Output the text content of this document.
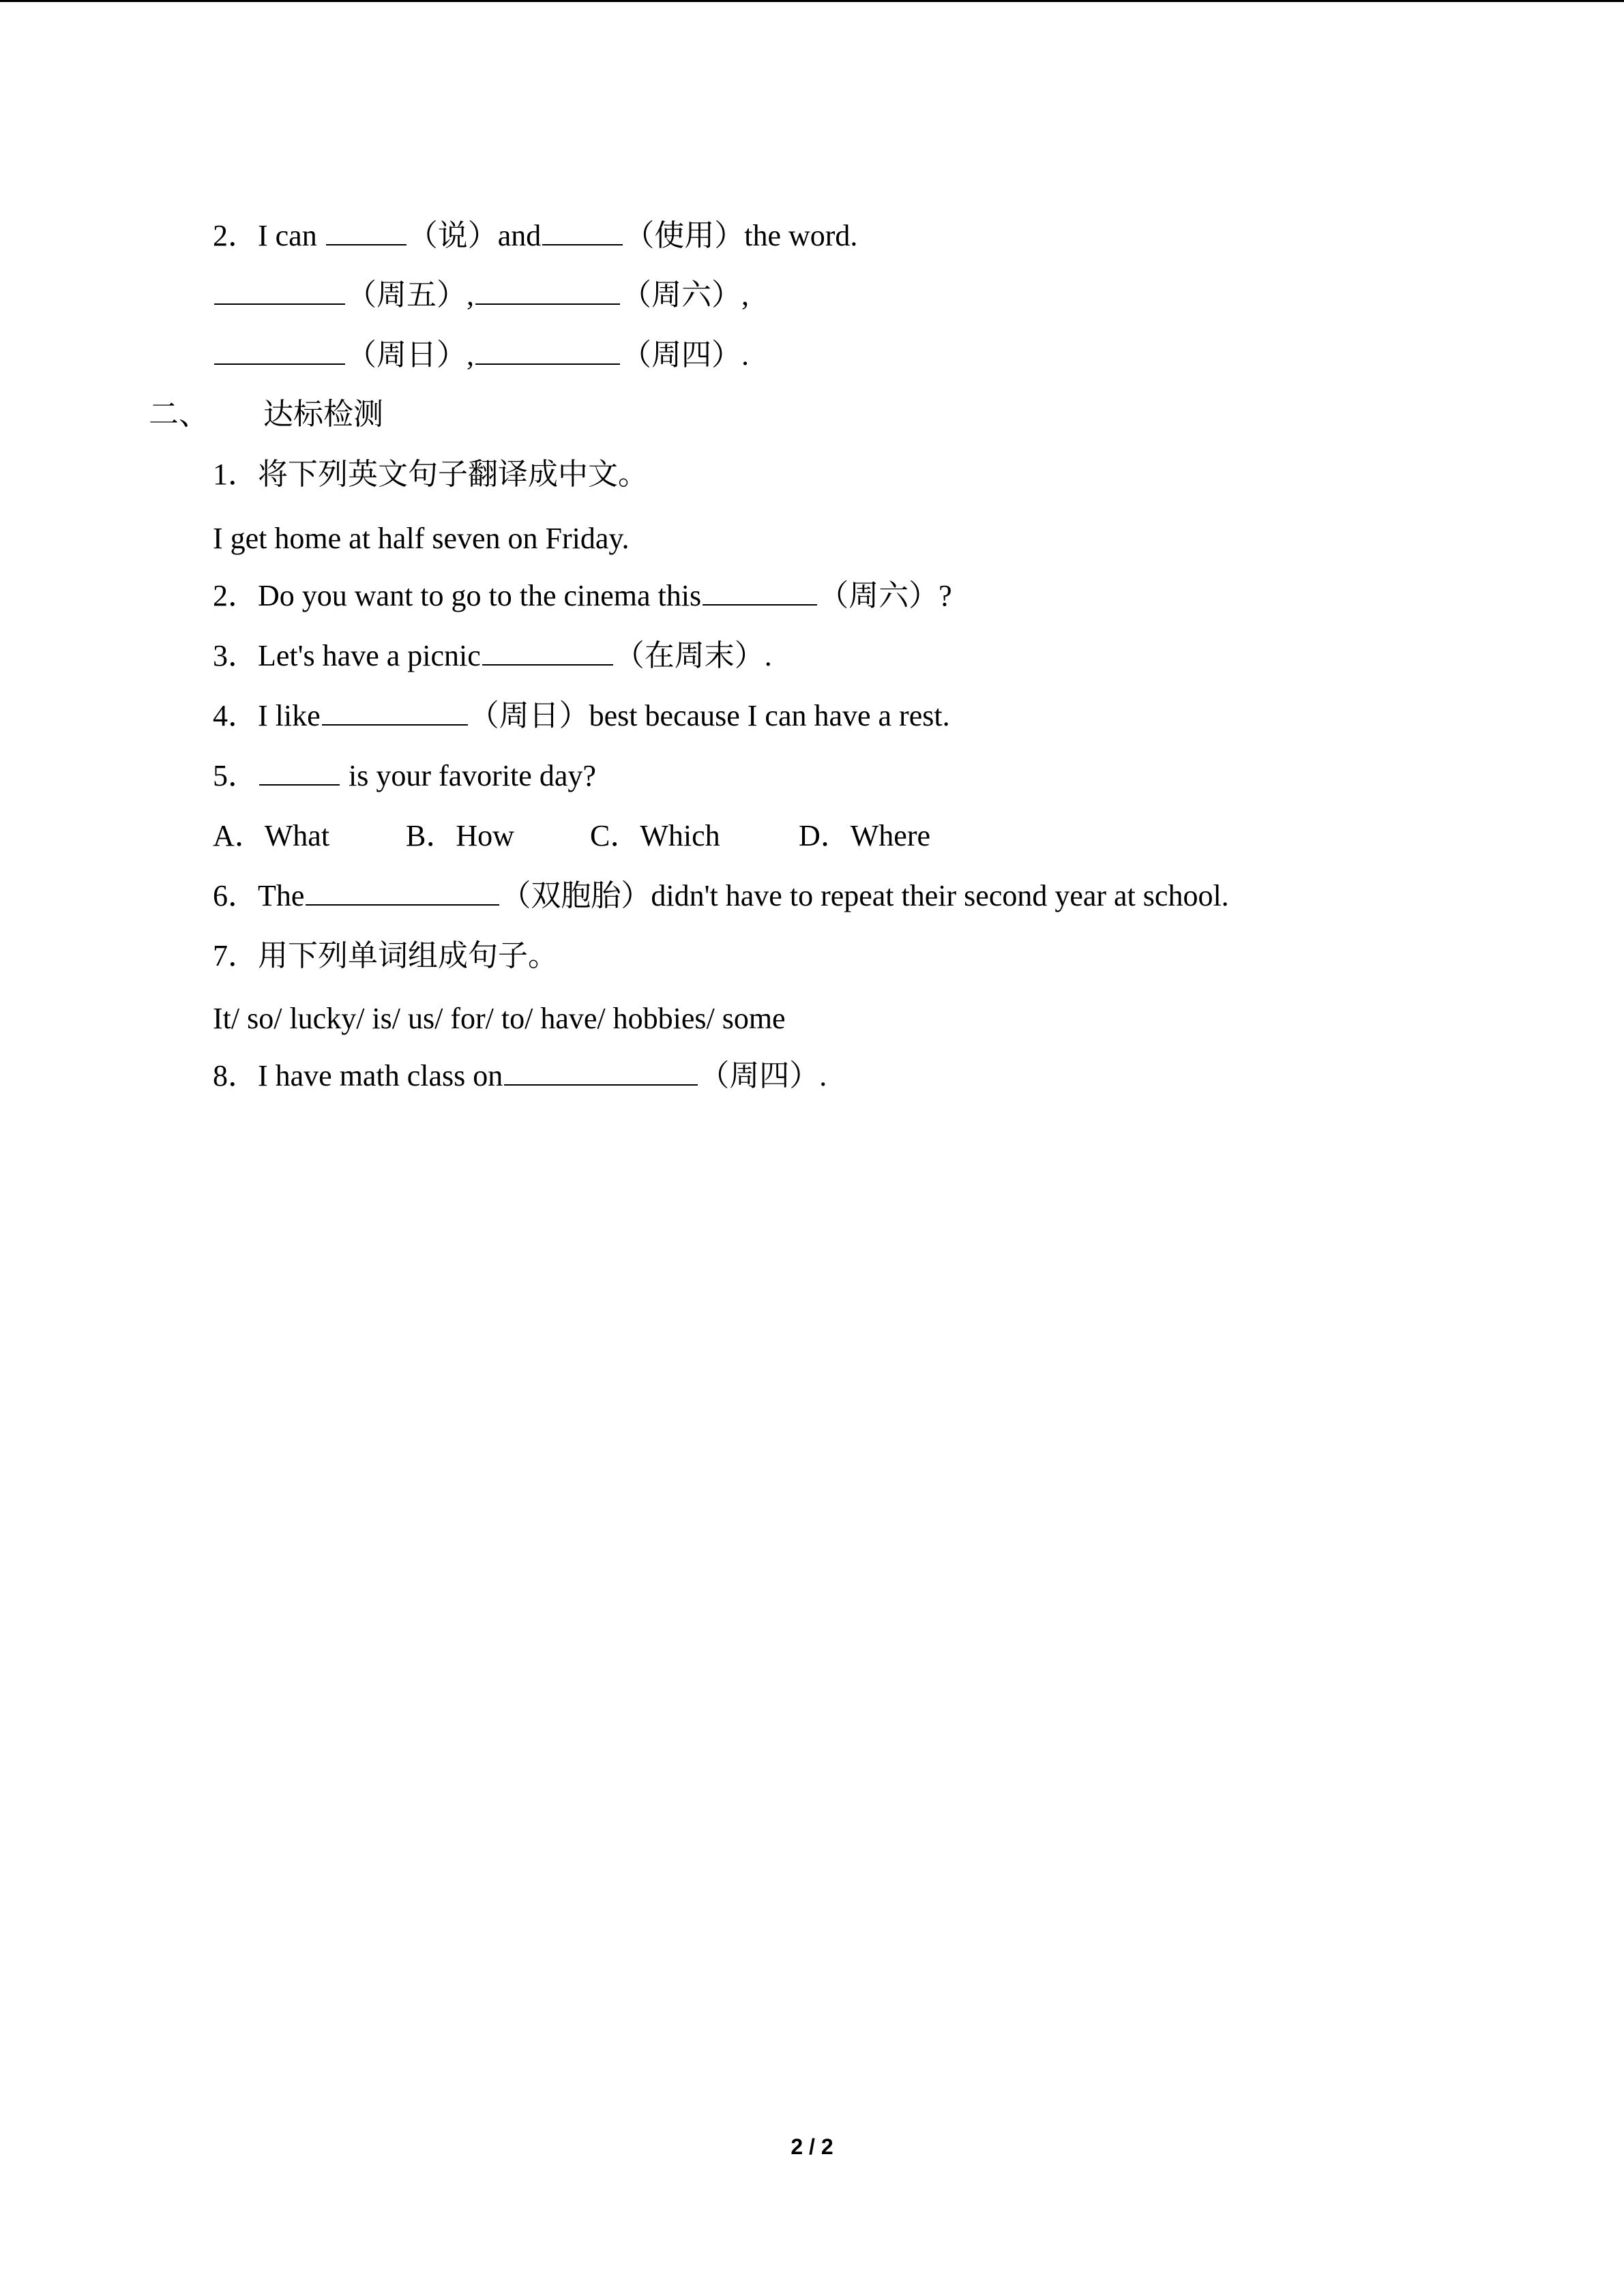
2．I can	（说）and	（使用）the word.
（周五）,	（周六）,
（周日）,	（周四）.
二、 达标检测
1．将下列英文句子翻译成中文。
I get home at half seven on Friday.
2．Do you want to go to the cinema this	（周六）?
3．Let's have a picnic	（在周末）.
4．I like	（周日）best because I can have a rest.
5．	is your favorite day?
A．What	B．How	C．Which	D．Where
6．The	（双胞胎）didn't have to repeat their second year at school.
7．用下列单词组成句子。
It/ so/ lucky/ is/ us/ for/ to/ have/ hobbies/ some
8．I have math class on	（周四）.
2 / 2
